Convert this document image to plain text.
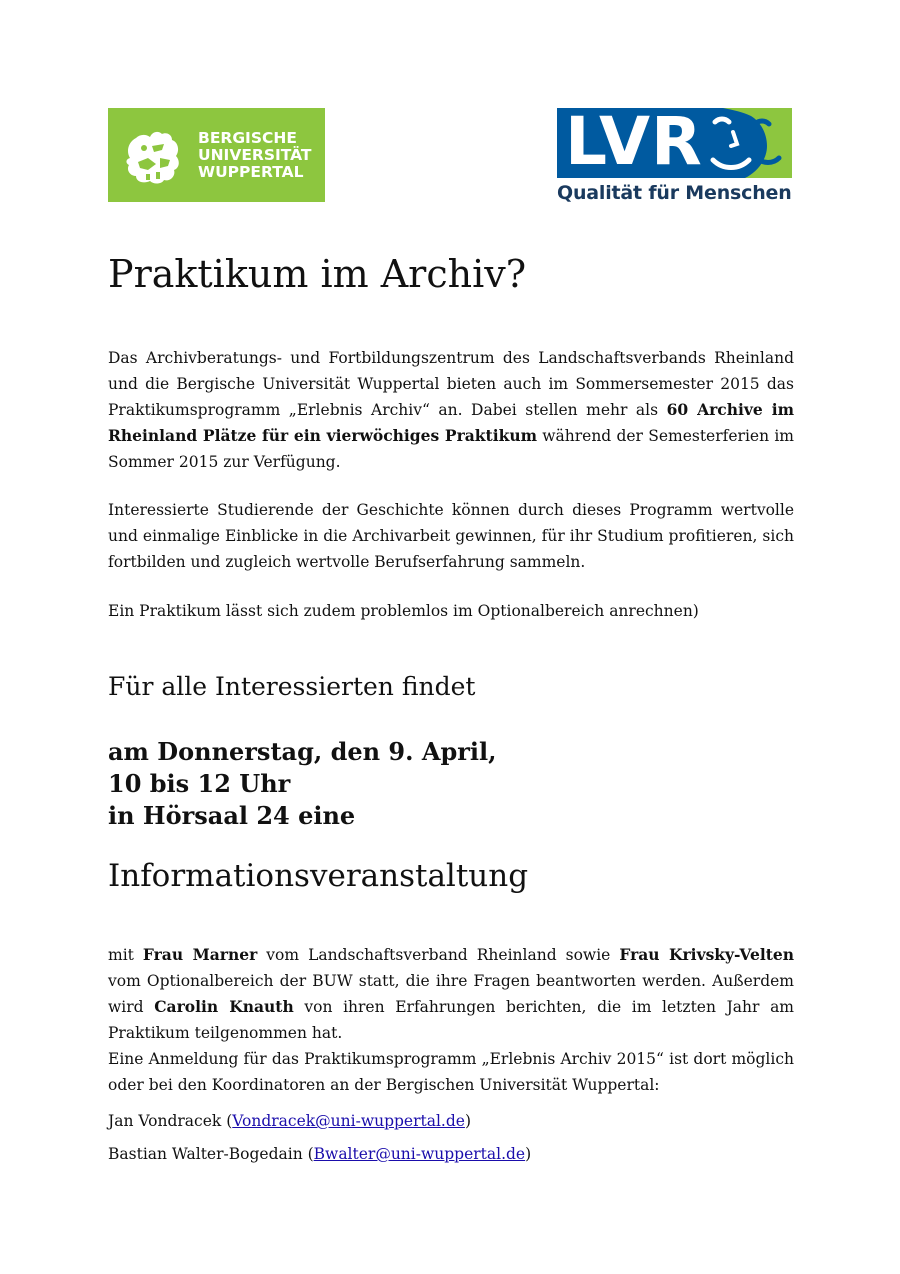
BERGISCHE
UNIVERSITÄT
WUPPERTAL	LVR
Qualität für Menschen
Praktikum im Archiv?
Das Archivberatungs- und Fortbildungszentrum des Landschaftsverbands Rheinland und die Bergische Universität Wuppertal bieten auch im Sommersemester 2015 das Praktikumsprogramm „Erlebnis Archiv“ an. Dabei stellen mehr als 60 Archive im Rheinland Plätze für ein vierwöchiges Praktikum während der Semesterferien im Sommer 2015 zur Verfügung.
Interessierte Studierende der Geschichte können durch dieses Programm wertvolle und einmalige Einblicke in die Archivarbeit gewinnen, für ihr Studium profitieren, sich fortbilden und zugleich wertvolle Berufserfahrung sammeln.
Ein Praktikum lässt sich zudem problemlos im Optionalbereich anrechnen)
Für alle Interessierten findet
am Donnerstag, den 9. April,
10 bis 12 Uhr
in Hörsaal 24 eine
Informationsveranstaltung
mit Frau Marner vom Landschaftsverband Rheinland sowie Frau Krivsky-Velten vom Optionalbereich der BUW statt, die ihre Fragen beantworten werden. Außerdem wird Carolin Knauth von ihren Erfahrungen berichten, die im letzten Jahr am Praktikum teilgenommen hat.
Eine Anmeldung für das Praktikumsprogramm „Erlebnis Archiv 2015“ ist dort möglich oder bei den Koordinatoren an der Bergischen Universität Wuppertal:
Jan Vondracek (Vondracek@uni-wuppertal.de)
Bastian Walter-Bogedain (Bwalter@uni-wuppertal.de)
